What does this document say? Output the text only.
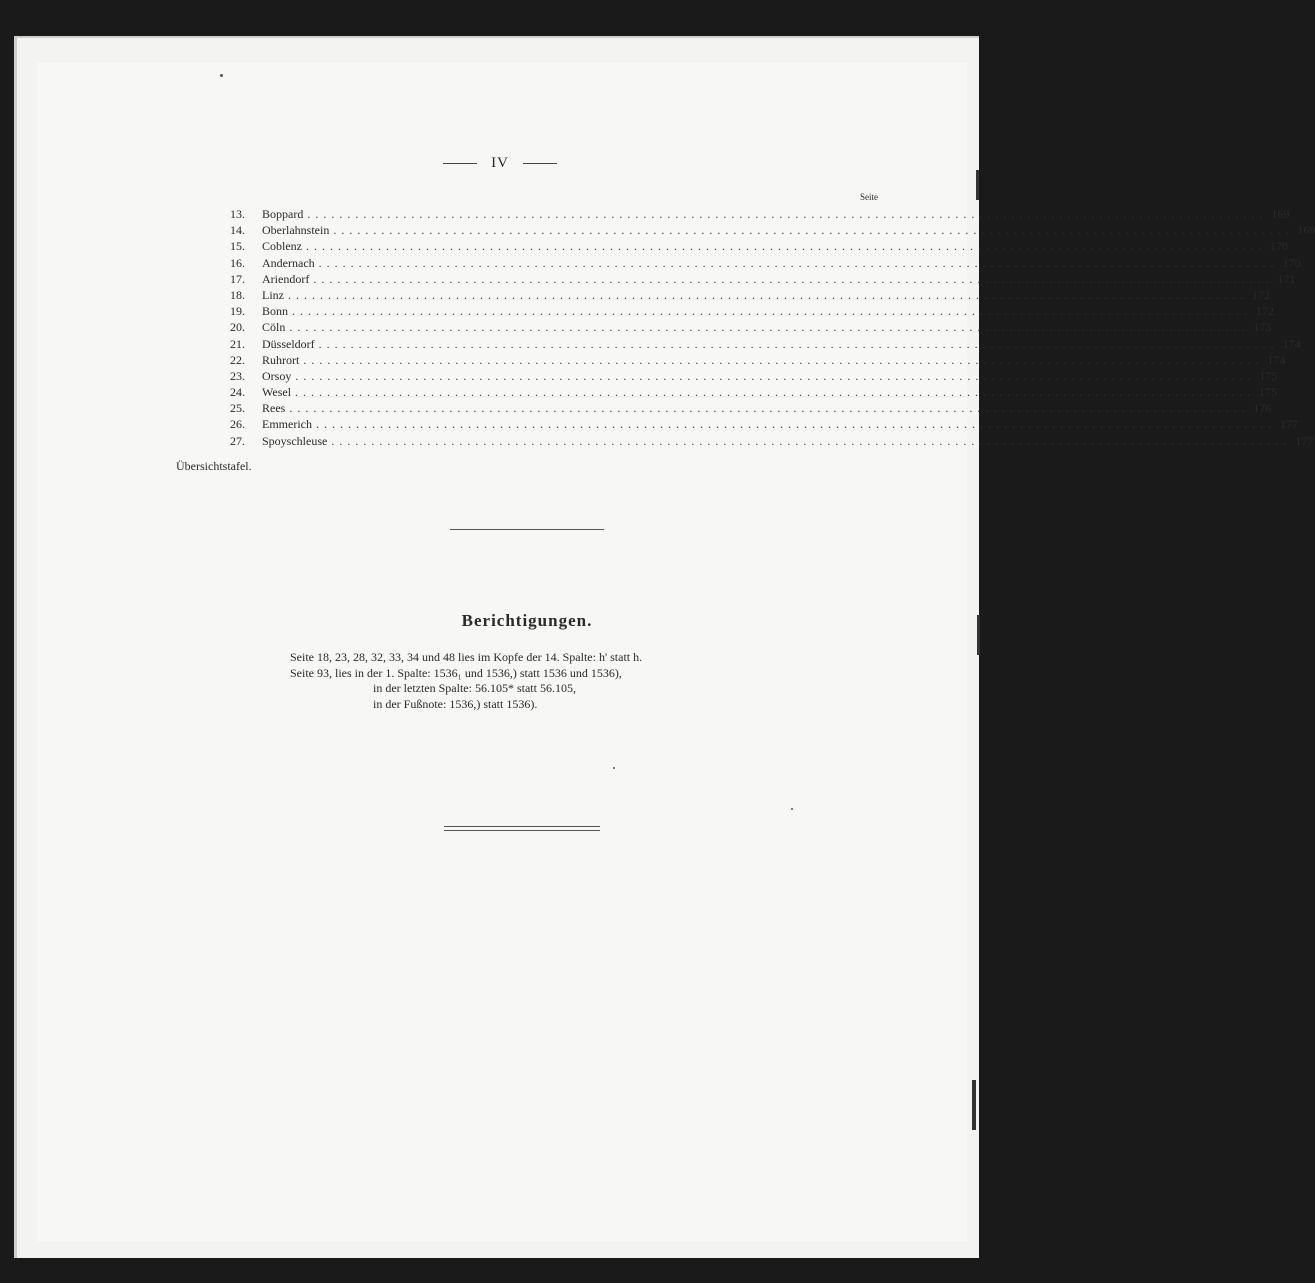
IV
Seite
13.	Boppard ........................................................................................................................ 169
14.	Oberlahnstein ........................................................................................................................ 169
15.	Coblenz ........................................................................................................................ 170
16.	Andernach ........................................................................................................................ 170
17.	Ariendorf ........................................................................................................................ 171
18.	Linz ........................................................................................................................ 172
19.	Bonn ........................................................................................................................ 172
20.	Cöln ........................................................................................................................ 173
21.	Düsseldorf ........................................................................................................................ 174
22.	Ruhrort ........................................................................................................................ 174
23.	Orsoy ........................................................................................................................ 175
24.	Wesel ........................................................................................................................ 175
25.	Rees ........................................................................................................................ 176
26.	Emmerich ........................................................................................................................ 177
27.	Spoyschleuse ........................................................................................................................ 177
Übersichtstafel.
Berichtigungen.
Seite 18, 23, 28, 32, 33, 34 und 48 lies im Kopfe der 14. Spalte: h' statt h.
Seite 93, lies in der 1. Spalte: 1536₁ und 1536,) statt 1536 und 1536),
in der letzten Spalte: 56.105* statt 56.105,
in der Fußnote: 1536,) statt 1536).
